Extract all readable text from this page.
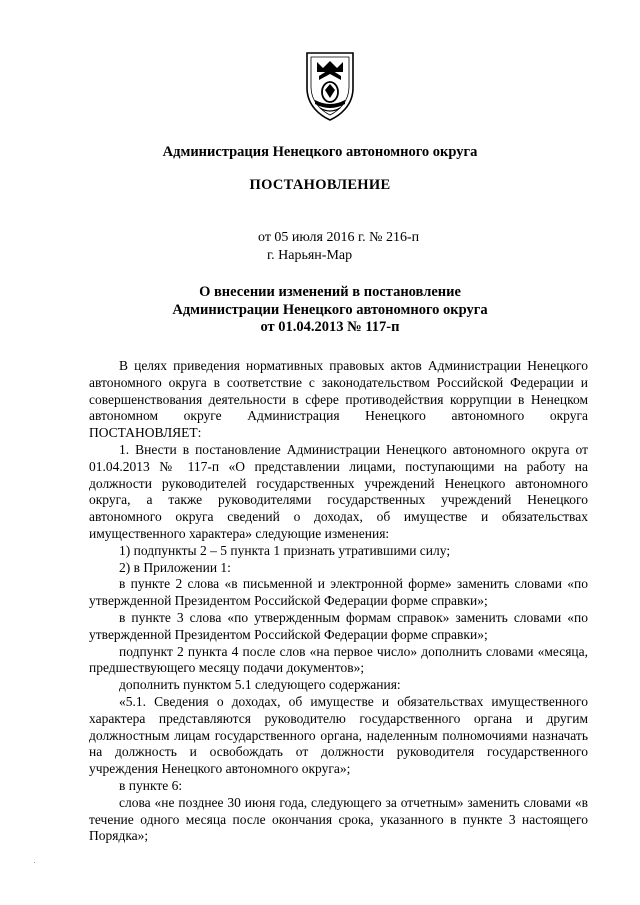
Администрация Ненецкого автономного округа
ПОСТАНОВЛЕНИЕ
от 05 июля 2016 г. № 216-п
г. Нарьян-Мар
О внесении изменений в постановление
Администрации Ненецкого автономного округа
от 01.04.2013 № 117-п

В целях приведения нормативных правовых актов Администрации Ненецкого автономного округа в соответствие с законодательством Российской Федерации и совершенствования деятельности в сфере противодействия коррупции в Ненецком автономном округе Администрация Ненецкого автономного округа ПОСТАНОВЛЯЕТ:

1. Внести в постановление Администрации Ненецкого автономного округа от 01.04.2013 № 117-п «О представлении лицами, поступающими на работу на должности руководителей государственных учреждений Ненецкого автономного округа, а также руководителями государственных учреждений Ненецкого автономного округа сведений о доходах, об имуществе и обязательствах имущественного характера» следующие изменения:

1) подпункты 2 – 5 пункта 1 признать утратившими силу;

2) в Приложении 1:

в пункте 2 слова «в письменной и электронной форме» заменить словами «по утвержденной Президентом Российской Федерации форме справки»;

в пункте 3 слова «по утвержденным формам справок» заменить словами «по утвержденной Президентом Российской Федерации форме справки»;

подпункт 2 пункта 4 после слов «на первое число» дополнить словами «месяца, предшествующего месяцу подачи документов»;

дополнить пунктом 5.1 следующего содержания:

«5.1. Сведения о доходах, об имуществе и обязательствах имущественного характера представляются руководителю государственного органа и другим должностным лицам государственного органа, наделенным полномочиями назначать на должность и освобождать от должности руководителя государственного учреждения Ненецкого автономного округа»;

в пункте 6:

слова «не позднее 30 июня года, следующего за отчетным» заменить словами «в течение одного месяца после окончания срока, указанного в пункте 3 настоящего Порядка»;
